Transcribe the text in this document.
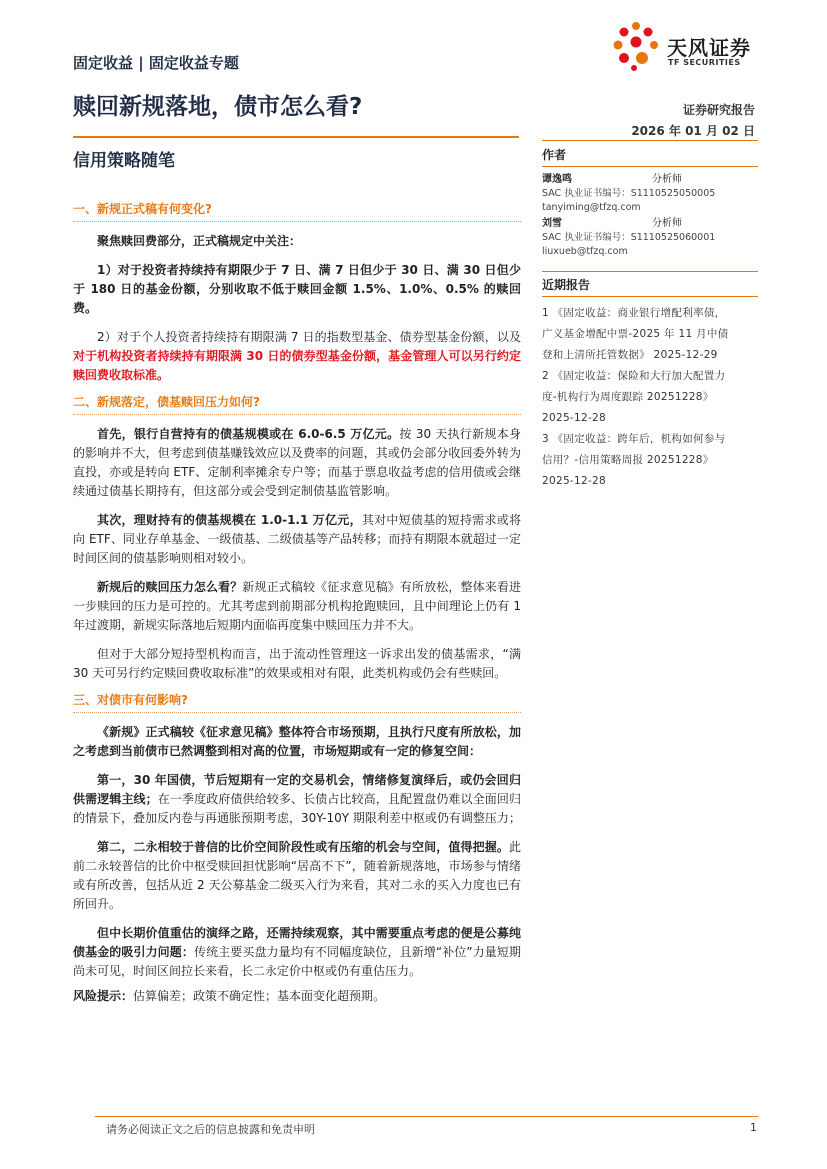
固定收益 | 固定收益专题
天风证券
TF SECURITIES
赎回新规落地，债市怎么看?	证券研究报告
2026 年 01 月 02 日
信用策略随笔	作者
谭逸鸣	分析师
SAC 执业证书编号：S1110525050005
tanyiming@tfzq.com
刘雪	分析师
SAC 执业证书编号：S1110525060001
liuxueb@tfzq.com
近期报告
1 《固定收益：商业银行增配利率债，
广义基金增配中票-2025 年 11 月中债
登和上清所托管数据》 2025-12-29
2 《固定收益：保险和大行加大配置力
度-机构行为周度跟踪 20251228》
2025-12-28
3 《固定收益：跨年后，机构如何参与
信用？-信用策略周报 20251228》
2025-12-28
一、新规正式稿有何变化?
聚焦赎回费部分，正式稿规定中关注：
1）对于投资者持续持有期限少于 7 日、满 7 日但少于 30 日、满 30 日但少于 180 日的基金份额，分别收取不低于赎回金额 1.5%、1.0%、0.5% 的赎回费。
2）对于个人投资者持续持有期限满 7 日的指数型基金、债券型基金份额，以及对于机构投资者持续持有期限满 30 日的债券型基金份额，基金管理人可以另行约定赎回费收取标准。
二、新规落定，债基赎回压力如何?
首先，银行自营持有的债基规模或在 6.0-6.5 万亿元。按 30 天执行新规本身的影响并不大，但考虑到债基赚钱效应以及费率的问题，其或仍会部分收回委外转为直投，亦或是转向 ETF、定制利率摊余专户等；而基于票息收益考虑的信用债或会继续通过债基长期持有，但这部分或会受到定制债基监管影响。
其次，理财持有的债基规模在 1.0-1.1 万亿元，其对中短债基的短持需求或将向 ETF、同业存单基金、一级债基、二级债基等产品转移；而持有期限本就超过一定时间区间的债基影响则相对较小。
新规后的赎回压力怎么看？新规正式稿较《征求意见稿》有所放松，整体来看进一步赎回的压力是可控的。尤其考虑到前期部分机构抢跑赎回，且中间理论上仍有 1 年过渡期，新规实际落地后短期内面临再度集中赎回压力并不大。
但对于大部分短持型机构而言，出于流动性管理这一诉求出发的债基需求，“满 30 天可另行约定赎回费收取标准”的效果或相对有限，此类机构或仍会有些赎回。
三、对债市有何影响?
《新规》正式稿较《征求意见稿》整体符合市场预期，且执行尺度有所放松，加之考虑到当前债市已然调整到相对高的位置，市场短期或有一定的修复空间：
第一，30 年国债，节后短期有一定的交易机会，情绪修复演绎后，或仍会回归供需逻辑主线；在一季度政府债供给较多、长债占比较高，且配置盘仍难以全面回归的情景下，叠加反内卷与再通胀预期考虑，30Y-10Y 期限利差中枢或仍有调整压力；
第二，二永相较于普信的比价空间阶段性或有压缩的机会与空间，值得把握。此前二永较普信的比价中枢受赎回担忧影响“居高不下”，随着新规落地，市场参与情绪或有所改善，包括从近 2 天公募基金二级买入行为来看，其对二永的买入力度也已有所回升。
但中长期价值重估的演绎之路，还需持续观察，其中需要重点考虑的便是公募纯债基金的吸引力问题：传统主要买盘力量均有不同幅度缺位，且新增“补位”力量短期尚未可见，时间区间拉长来看，长二永定价中枢或仍有重估压力。
风险提示：估算偏差；政策不确定性；基本面变化超预期。
请务必阅读正文之后的信息披露和免责申明	1
